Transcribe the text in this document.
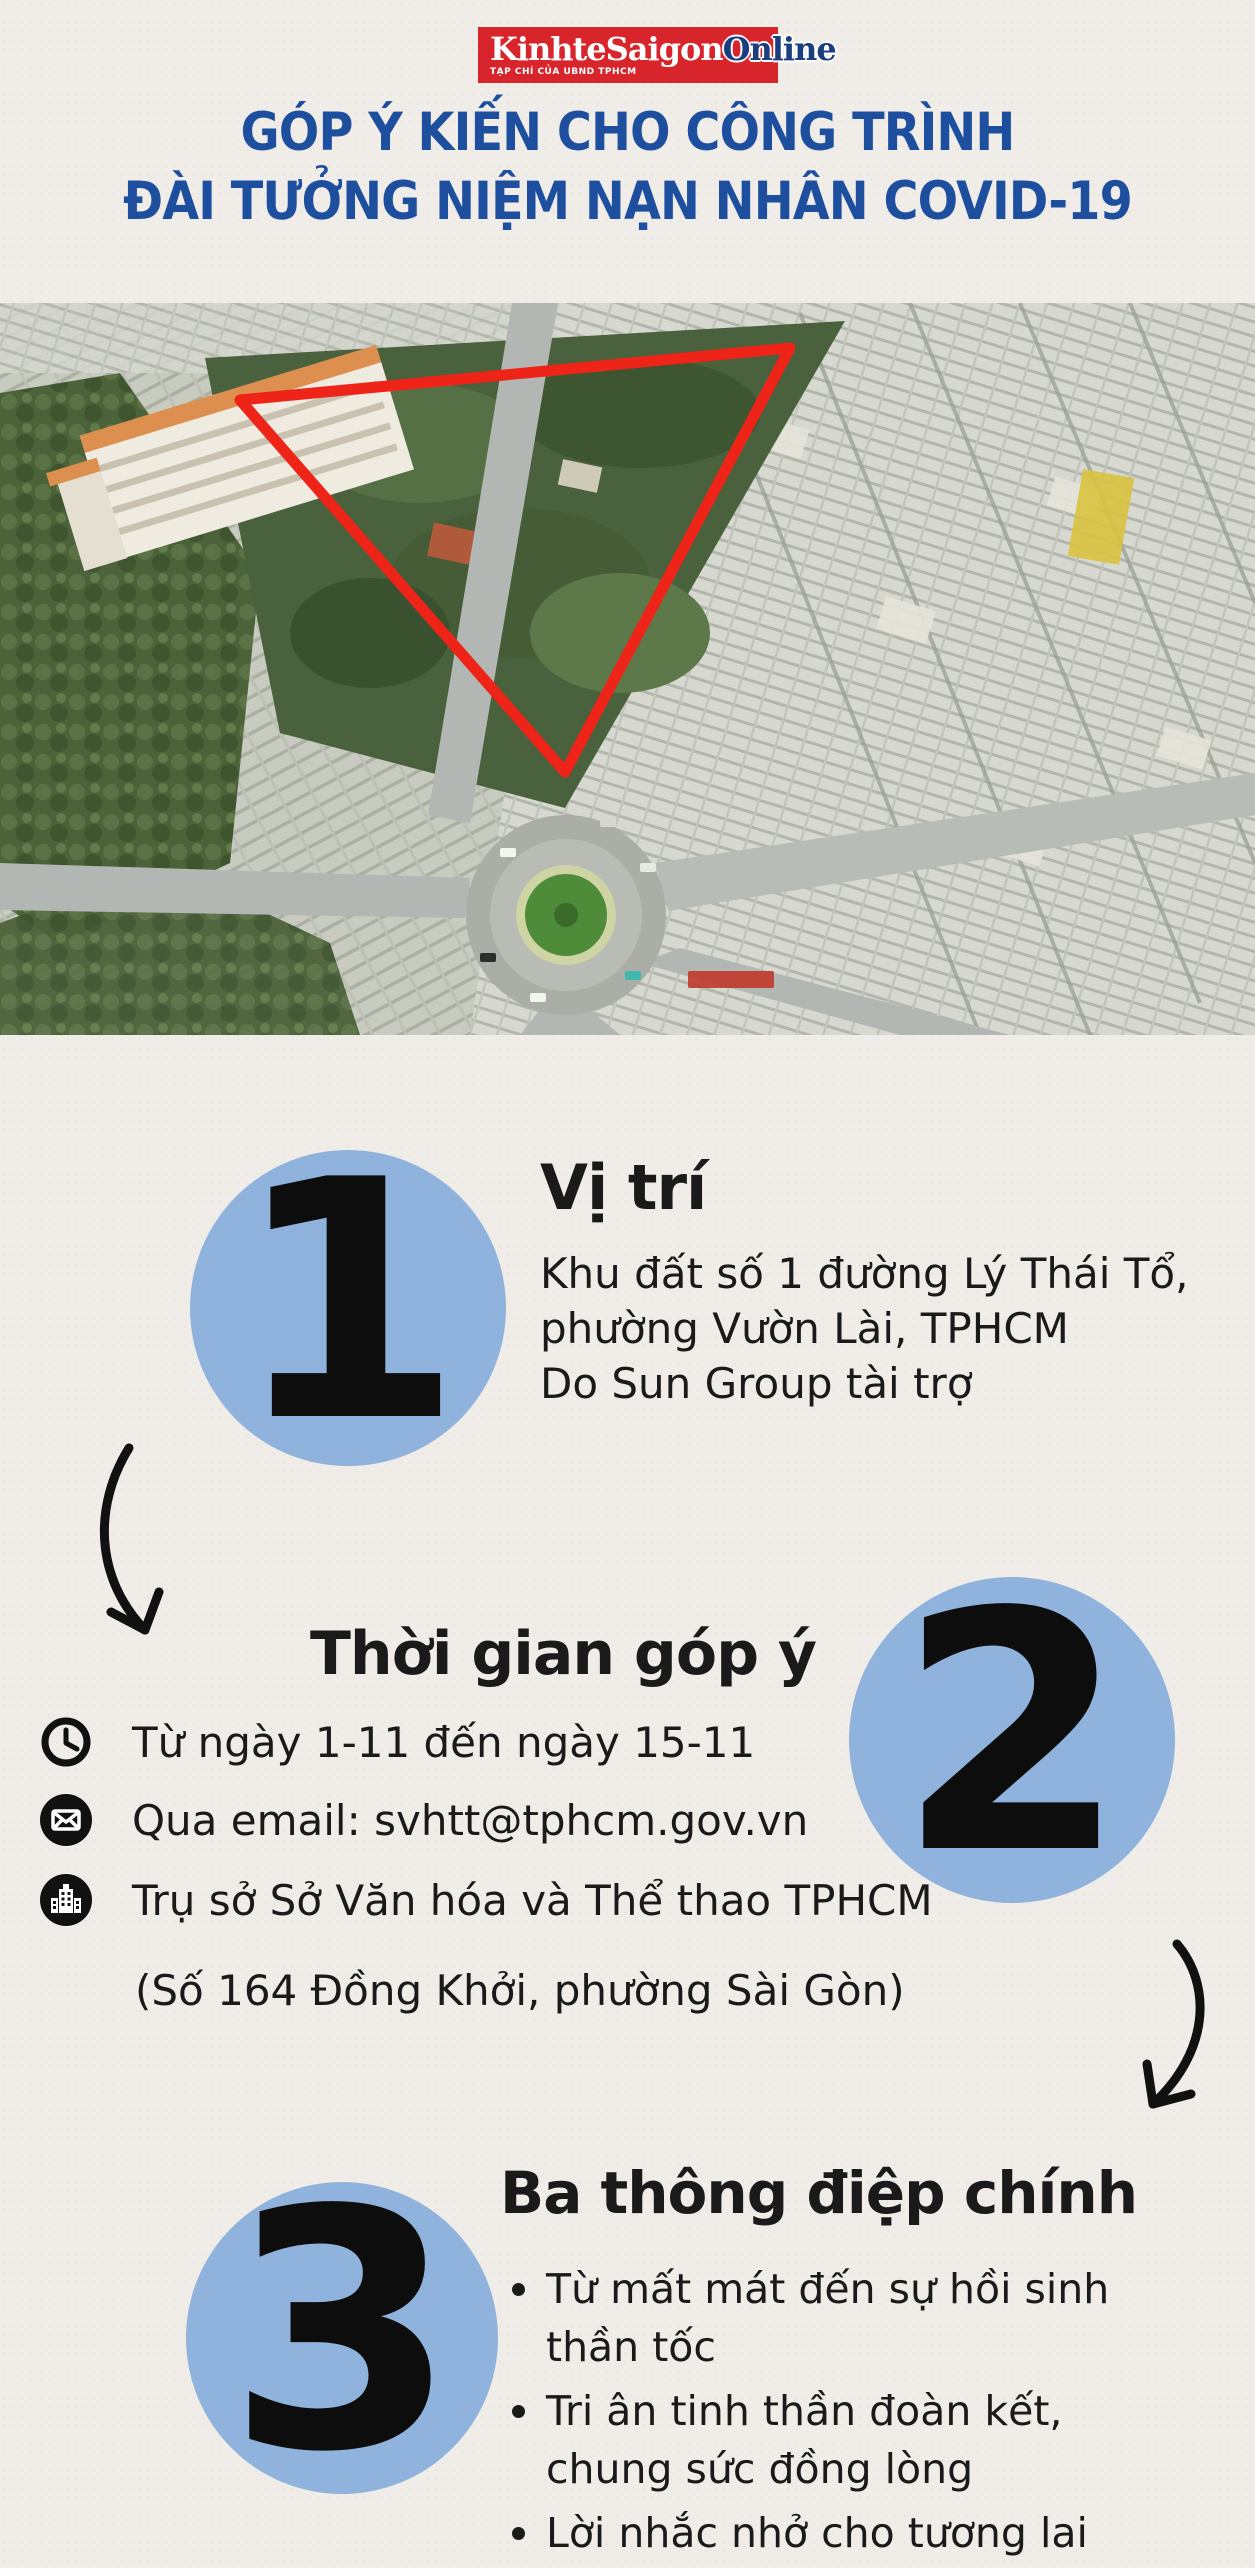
KinhteSaigonOnline
TẠP CHÍ CỦA UBND TPHCM
GÓP Ý KIẾN CHO CÔNG TRÌNH
ĐÀI TƯỞNG NIỆM NẠN NHÂN COVID-19
1 Vị trí
Khu đất số 1 đường Lý Thái Tổ,
phường Vườn Lài, TPHCM
Do Sun Group tài trợ
Thời gian góp ý
Từ ngày 1-11 đến ngày 15-11
Qua email: svhtt@tphcm.gov.vn
Trụ sở Sở Văn hóa và Thể thao TPHCM
(Số 164 Đồng Khởi, phường Sài Gòn)
2
3 Ba thông điệp chính
Từ mất mát đến sự hồi sinh thần tốc
Tri ân tinh thần đoàn kết, chung sức đồng lòng
Lời nhắc nhở cho tương lai
